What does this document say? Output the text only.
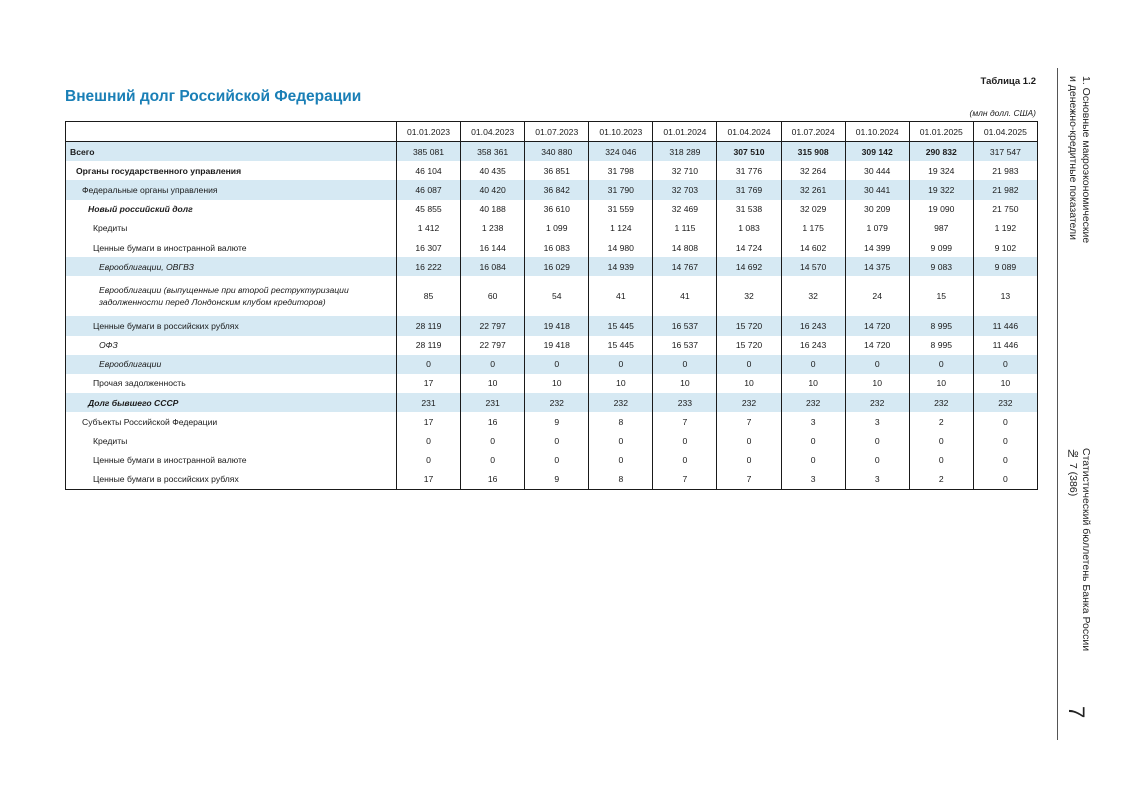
Таблица 1.2
Внешний долг Российской Федерации
(млн долл. США)
	01.01.2023	01.04.2023	01.07.2023	01.10.2023	01.01.2024	01.04.2024	01.07.2024	01.10.2024	01.01.2025	01.04.2025
Всего	385 081	358 361	340 880	324 046	318 289	307 510	315 908	309 142	290 832	317 547
Органы государственного управления	46 104	40 435	36 851	31 798	32 710	31 776	32 264	30 444	19 324	21 983
Федеральные органы управления	46 087	40 420	36 842	31 790	32 703	31 769	32 261	30 441	19 322	21 982
Новый российский долг	45 855	40 188	36 610	31 559	32 469	31 538	32 029	30 209	19 090	21 750
Кредиты	1 412	1 238	1 099	1 124	1 115	1 083	1 175	1 079	987	1 192
Ценные бумаги в иностранной валюте	16 307	16 144	16 083	14 980	14 808	14 724	14 602	14 399	9 099	9 102
Еврооблигации, ОВГВЗ	16 222	16 084	16 029	14 939	14 767	14 692	14 570	14 375	9 083	9 089
Еврооблигации (выпущенные при второй реструктуризации задолженности перед Лондонским клубом кредиторов)	85	60	54	41	41	32	32	24	15	13
Ценные бумаги в российских рублях	28 119	22 797	19 418	15 445	16 537	15 720	16 243	14 720	8 995	11 446
ОФЗ	28 119	22 797	19 418	15 445	16 537	15 720	16 243	14 720	8 995	11 446
Еврооблигации	0	0	0	0	0	0	0	0	0	0
Прочая задолженность	17	10	10	10	10	10	10	10	10	10
Долг бывшего СССР	231	231	232	232	233	232	232	232	232	232
Субъекты Российской Федерации	17	16	9	8	7	7	3	3	2	0
Кредиты	0	0	0	0	0	0	0	0	0	0
Ценные бумаги в иностранной валюте	0	0	0	0	0	0	0	0	0	0
Ценные бумаги в российских рублях	17	16	9	8	7	7	3	3	2	0
1. Основные макроэкономические
и денежно-кредитные показатели
Статистический бюллетень Банка России
№ 7 (386)
7
